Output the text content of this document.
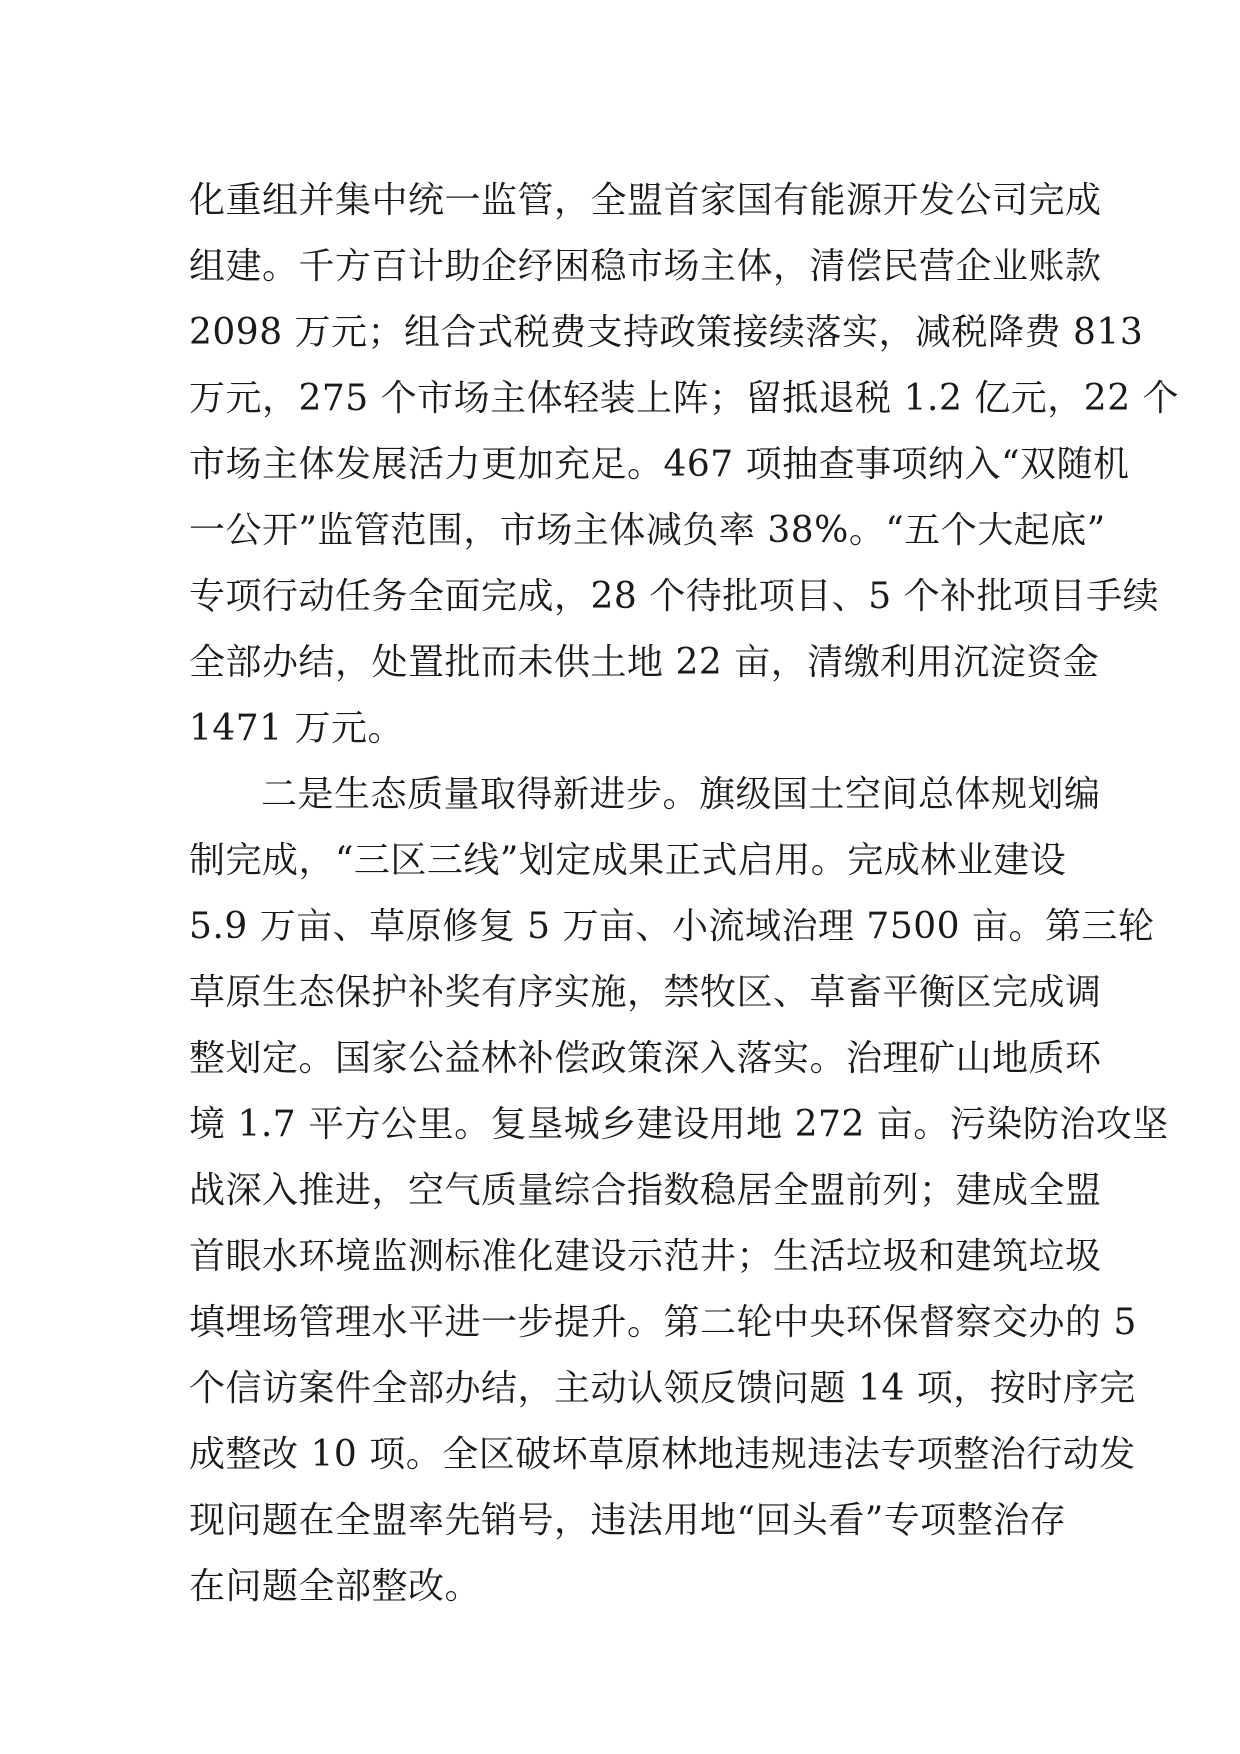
化重组并集中统一监管，全盟首家国有能源开发公司完成
组建。千方百计助企纾困稳市场主体，清偿民营企业账款
2098 万元；组合式税费支持政策接续落实，减税降费 813
万元，275 个市场主体轻装上阵；留抵退税 1.2 亿元，22 个
市场主体发展活力更加充足。467 项抽查事项纳入“双随机
一公开”监管范围，市场主体减负率 38%。“五个大起底”
专项行动任务全面完成，28 个待批项目、5 个补批项目手续
全部办结，处置批而未供土地 22 亩，清缴利用沉淀资金
1471 万元。
二是生态质量取得新进步。旗级国土空间总体规划编
制完成，“三区三线”划定成果正式启用。完成林业建设
5.9 万亩、草原修复 5 万亩、小流域治理 7500 亩。第三轮
草原生态保护补奖有序实施，禁牧区、草畜平衡区完成调
整划定。国家公益林补偿政策深入落实。治理矿山地质环
境 1.7 平方公里。复垦城乡建设用地 272 亩。污染防治攻坚
战深入推进，空气质量综合指数稳居全盟前列；建成全盟
首眼水环境监测标准化建设示范井；生活垃圾和建筑垃圾
填埋场管理水平进一步提升。第二轮中央环保督察交办的 5
个信访案件全部办结，主动认领反馈问题 14 项，按时序完
成整改 10 项。全区破坏草原林地违规违法专项整治行动发
现问题在全盟率先销号，违法用地“回头看”专项整治存
在问题全部整改。
